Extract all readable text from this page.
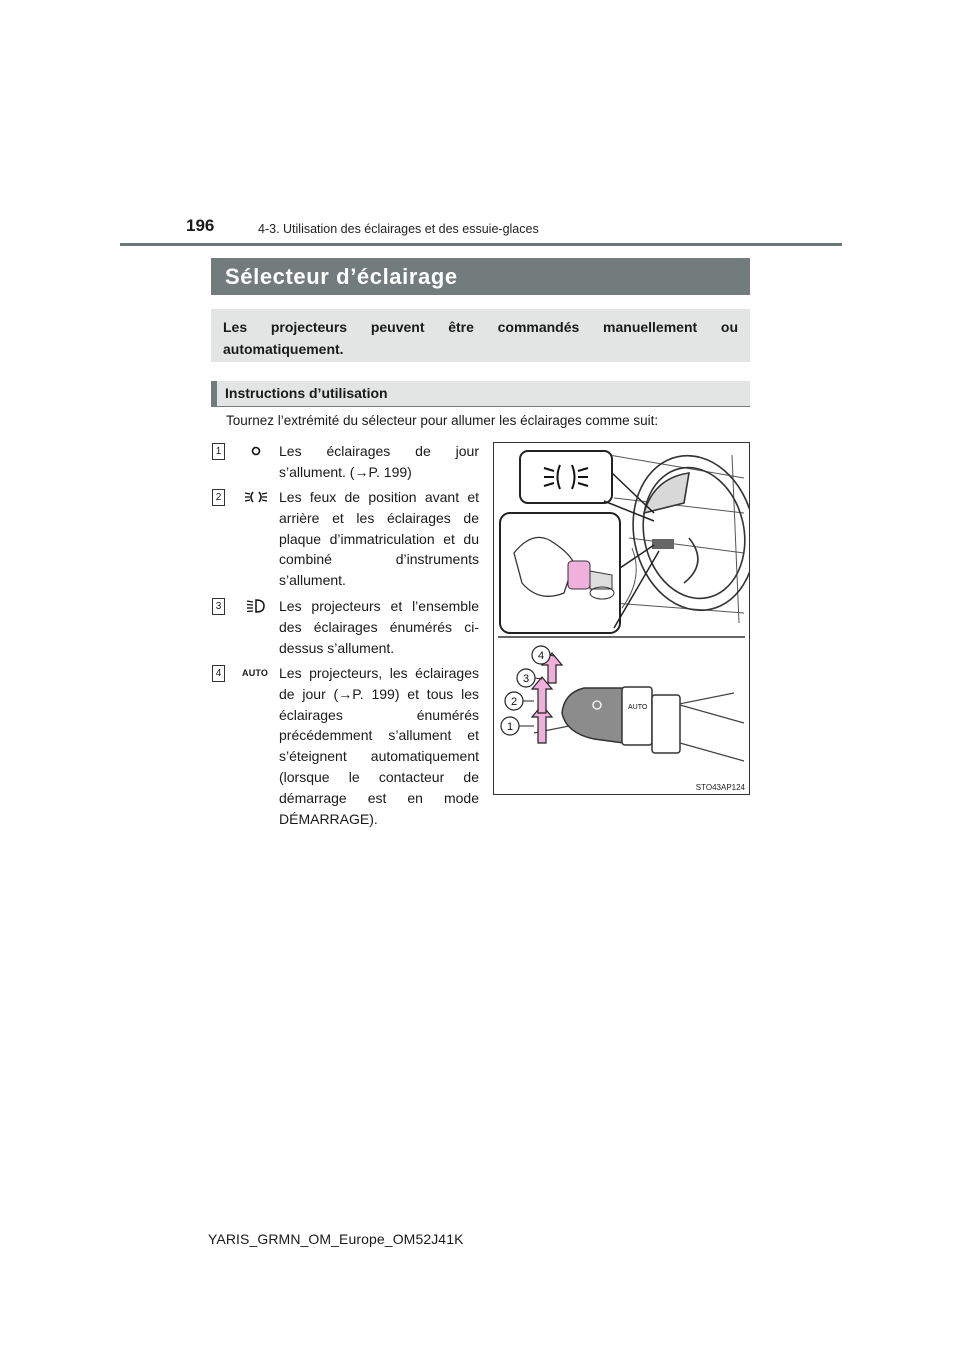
196	4-3. Utilisation des éclairages et des essuie-glaces
Sélecteur d’éclairage
Les projecteurs peuvent être commandés manuellement ou automatiquement.
Instructions d’utilisation
Tournez l’extrémité du sélecteur pour allumer les éclairages comme suit:
1	Les éclairages de jour s’allument. (→P. 199)
2	Les feux de position avant et arrière et les éclairages de plaque d’immatriculation et du combiné d’instruments s’allument.
3	Les projecteurs et l’ensemble des éclairages énumérés ci-dessus s’allument.
4	AUTO Les projecteurs, les éclairages de jour (→P. 199) et tous les éclairages énumérés précédemment s’allument et s’éteignent automatiquement (lorsque le contacteur de démarrage est en mode DÉMARRAGE).
AUTO
1
2
3
4
STO43AP124
YARIS_GRMN_OM_Europe_OM52J41K
